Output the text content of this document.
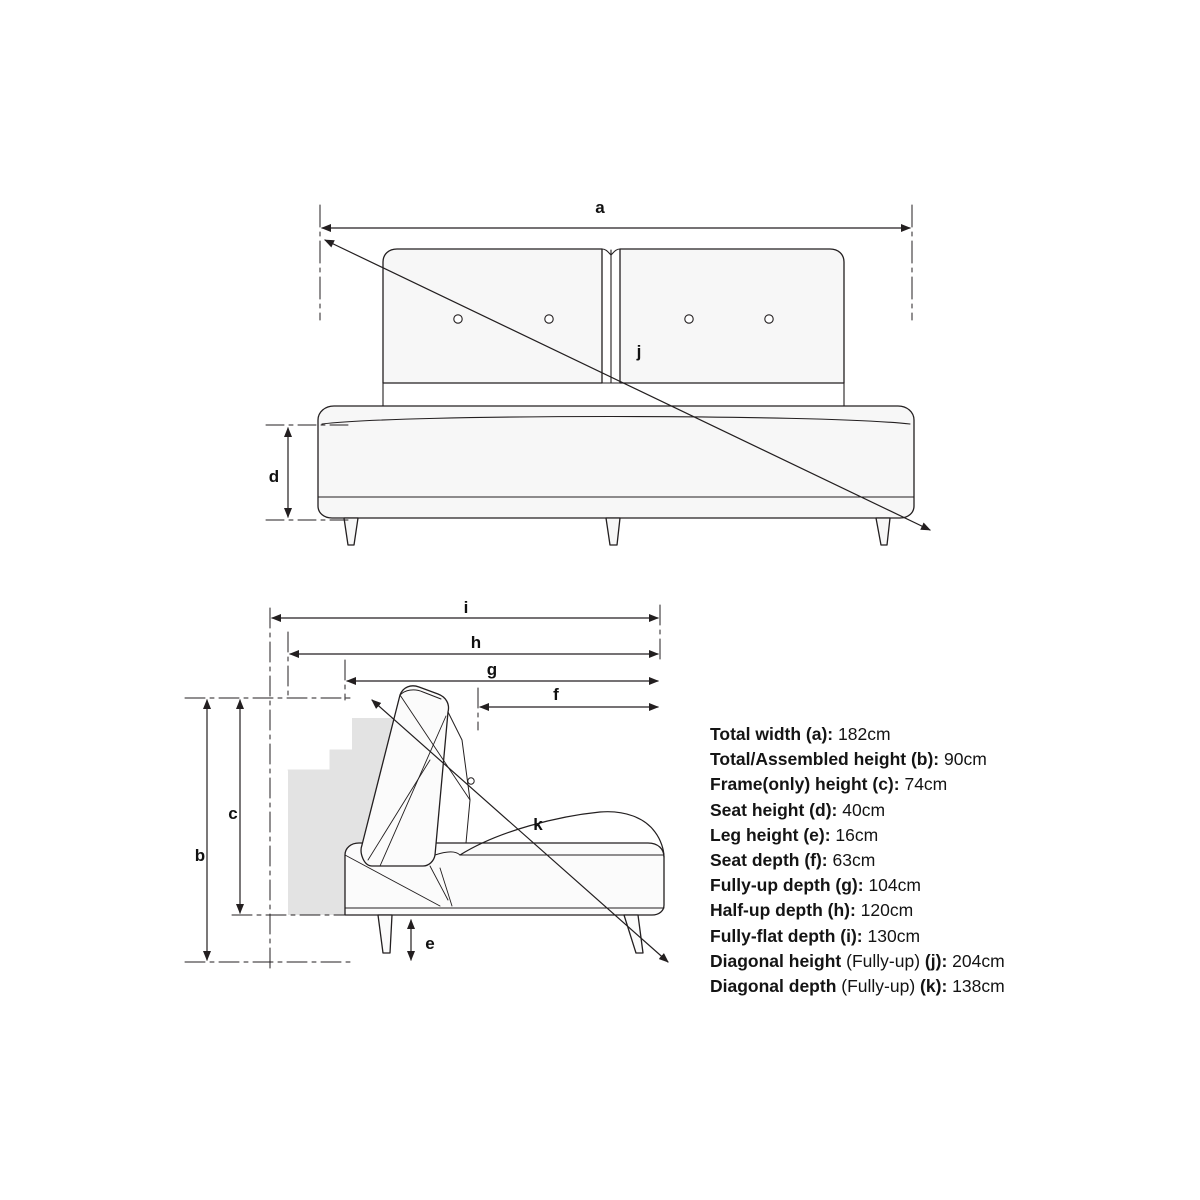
a
j
d
i
h
g
f
b
c
e
k
Total width (a): 182cm
Total/Assembled height (b): 90cm
Frame(only) height (c): 74cm
Seat height (d): 40cm
Leg height (e): 16cm
Seat depth (f): 63cm
Fully-up depth (g): 104cm
Half-up depth (h): 120cm
Fully-flat depth (i): 130cm
Diagonal height (Fully-up) (j): 204cm
Diagonal depth (Fully-up) (k): 138cm
